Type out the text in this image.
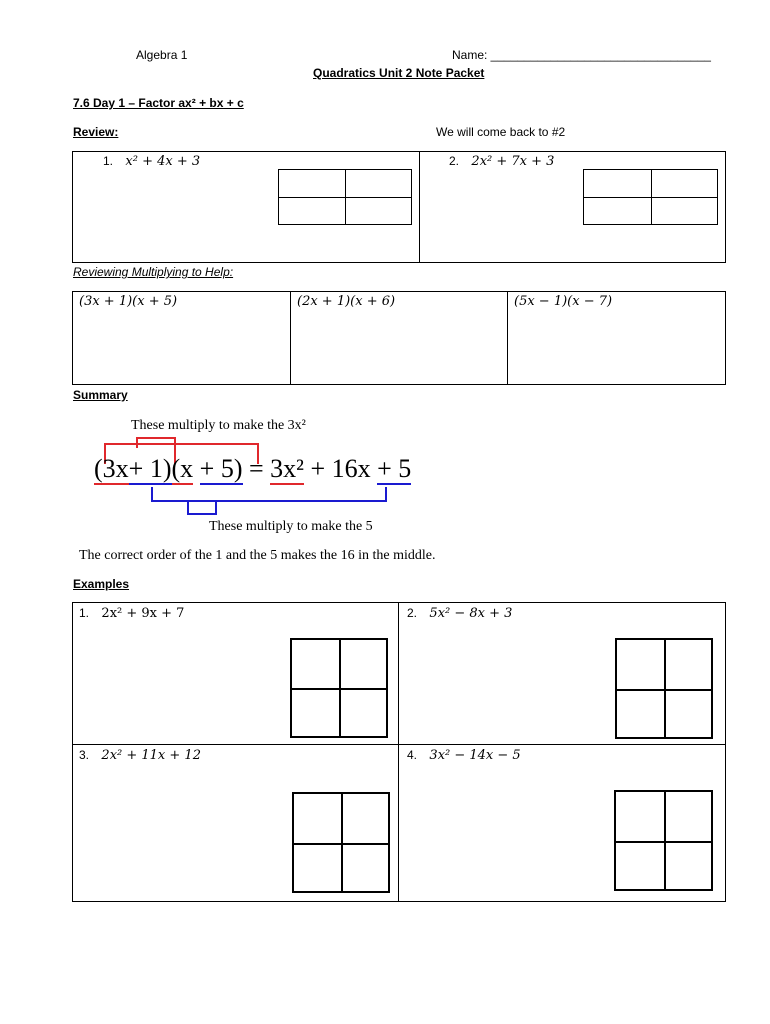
Algebra 1	Name: _________________________________
Quadratics Unit 2 Note Packet
7.6 Day 1 – Factor ax² + bx + c
Review:	We will come back to #2
1. x² + 4x + 3	2. 2x² + 7x + 3
Reviewing Multiplying to Help:
(3x + 1)(x + 5)	(2x + 1)(x + 6)	(5x − 1)(x − 7)
Summary
These multiply to make the 3x²
(3x+ 1)(x + 5) = 3x² + 16x + 5
These multiply to make the 5
The correct order of the 1 and the 5 makes the 16 in the middle.
Examples
1. 2x² + 9x + 7	2. 5x² − 8x + 3
3. 2x² + 11x + 12	4. 3x² − 14x − 5
